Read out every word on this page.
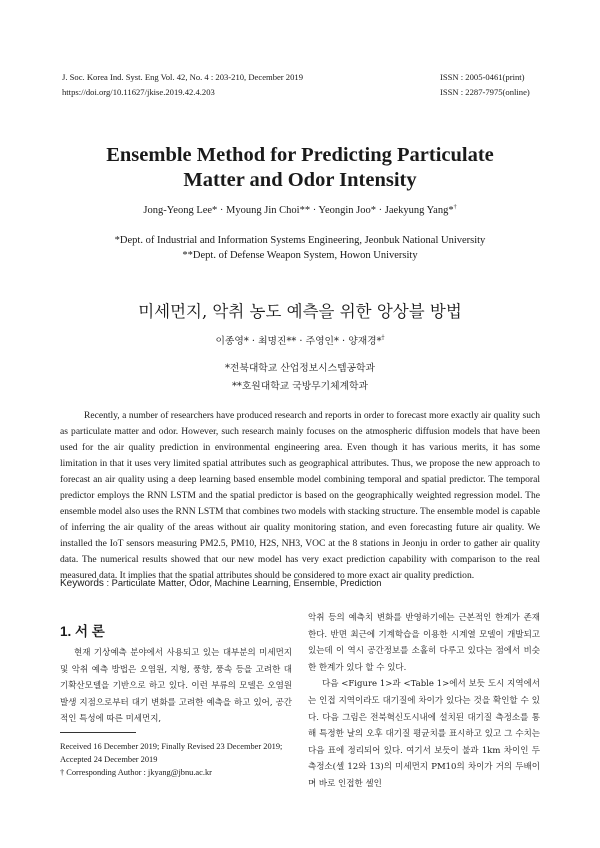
J. Soc. Korea Ind. Syst. Eng Vol. 42, No. 4 : 203-210, December 2019
https://doi.org/10.11627/jkise.2019.42.4.203
ISSN : 2005-0461(print)
ISSN : 2287-7975(online)
Ensemble Method for Predicting Particulate
Matter and Odor Intensity
Jong-Yeong Lee* · Myoung Jin Choi** · Yeongin Joo* · Jaekyung Yang*†
*Dept. of Industrial and Information Systems Engineering, Jeonbuk National University
**Dept. of Defense Weapon System, Howon University
미세먼지, 악취 농도 예측을 위한 앙상블 방법
이종영* · 최명진** · 주영인* · 양재경*†
*전북대학교 산업정보시스템공학과
**호원대학교 국방무기체계학과
Recently, a number of researchers have produced research and reports in order to forecast more exactly air quality such as particulate matter and odor. However, such research mainly focuses on the atmospheric diffusion models that have been used for the air quality prediction in environmental engineering area. Even though it has various merits, it has some limitation in that it uses very limited spatial attributes such as geographical attributes. Thus, we propose the new approach to forecast an air quality using a deep learning based ensemble model combining temporal and spatial predictor. The temporal predictor employs the RNN LSTM and the spatial predictor is based on the geographically weighted regression model. The ensemble model also uses the RNN LSTM that combines two models with stacking structure. The ensemble model is capable of inferring the air quality of the areas without air quality monitoring station, and even forecasting future air quality. We installed the IoT sensors measuring PM2.5, PM10, H2S, NH3, VOC at the 8 stations in Jeonju in order to gather air quality data. The numerical results showed that our new model has very exact prediction capability with comparison to the real measured data. It implies that the spatial attributes should be considered to more exact air quality prediction.
Keywords : Particulate Matter, Odor, Machine Learning, Ensemble, Prediction
1. 서 론
현재 기상예측 분야에서 사용되고 있는 대부분의 미세먼지 및 악취 예측 방법은 오염원, 지형, 풍향, 풍속 등을 고려한 대기확산모델을 기반으로 하고 있다. 이런 부류의 모델은 오염원 발생 지점으로부터 대기 변화를 고려한 예측을 하고 있어, 공간적인 특성에 따른 미세먼지,

악취 등의 예측치 변화를 반영하기에는 근본적인 한계가 존재한다. 반면 최근에 기계학습을 이용한 시계열 모델이 개발되고 있는데 이 역시 공간정보를 소홀히 다루고 있다는 점에서 비슷한 한계가 있다 할 수 있다.

다음 <Figure 1>과 <Table 1>에서 보듯 도시 지역에서는 인접 지역이라도 대기질에 차이가 있다는 것을 확인할 수 있다. 다음 그림은 전북혁신도시내에 설치된 대기질 측정소를 통해 특정한 날의 오후 대기질 평균치를 표시하고 있고 그 수치는 다음 표에 정리되어 있다. 여기서 보듯이 불과 1km 차이인 두 측정소(셀 12와 13)의 미세먼지 PM10의 차이가 거의 두배이며 바로 인접한 셀인

Received 16 December 2019; Finally Revised 23 December 2019;
Accepted 24 December 2019
† Corresponding Author : jkyang@jbnu.ac.kr
